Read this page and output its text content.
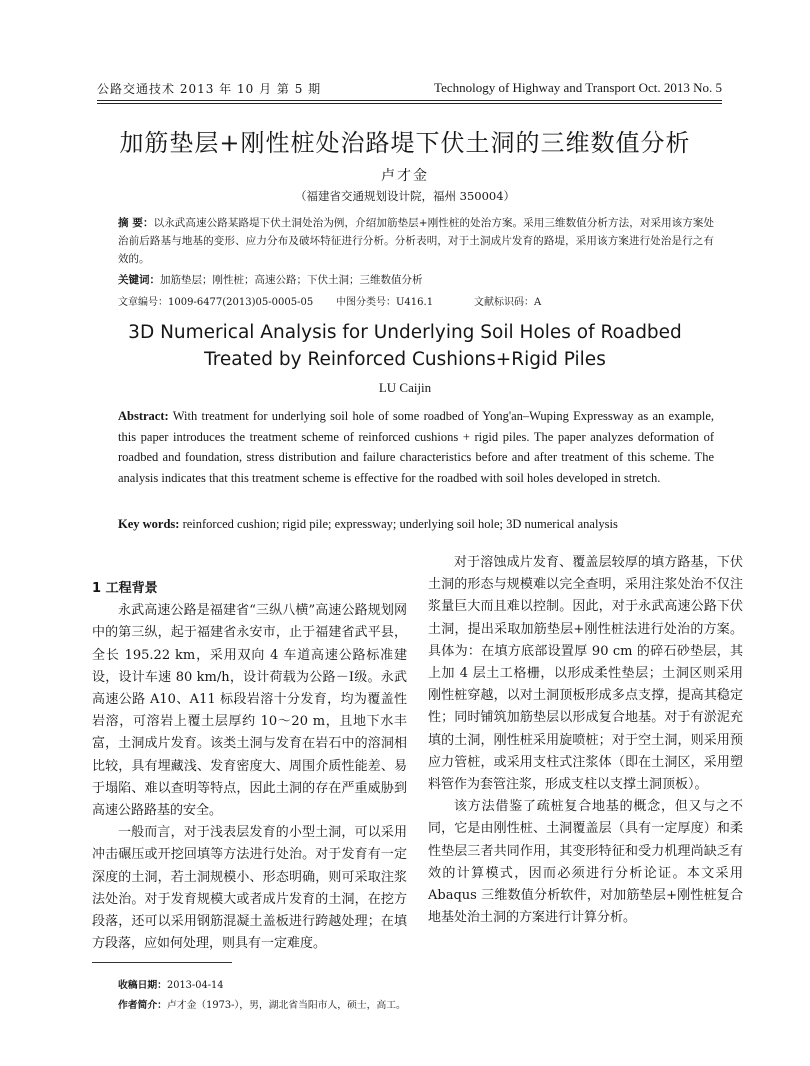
公路交通技术 2013 年 10 月 第 5 期	Technology of Highway and Transport Oct. 2013 No. 5
加筋垫层+刚性桩处治路堤下伏土洞的三维数值分析
卢才金
（福建省交通规划设计院，福州 350004）
摘 要：以永武高速公路某路堤下伏土洞处治为例，介绍加筋垫层+刚性桩的处治方案。采用三维数值分析方法，对采用该方案处治前后路基与地基的变形、应力分布及破坏特征进行分析。分析表明，对于土洞成片发育的路堤，采用该方案进行处治是行之有效的。
关键词：加筋垫层；刚性桩；高速公路；下伏土洞；三维数值分析
文章编号：1009-6477(2013)05-0005-05 中图分类号：U416.1	文献标识码：A
3D Numerical Analysis for Underlying Soil Holes of Roadbed
Treated by Reinforced Cushions+Rigid Piles
LU Caijin
Abstract: With treatment for underlying soil hole of some roadbed of Yong'an–Wuping Expressway as an example, this paper introduces the treatment scheme of reinforced cushions + rigid piles. The paper analyzes deformation of roadbed and foundation, stress distribution and failure characteristics before and after treatment of this scheme. The analysis indicates that this treatment scheme is effective for the roadbed with soil holes developed in stretch.
Key words: reinforced cushion; rigid pile; expressway; underlying soil hole; 3D numerical analysis

1 工程背景

永武高速公路是福建省“三纵八横”高速公路规划网中的第三纵，起于福建省永安市，止于福建省武平县，全长 195.22 km，采用双向 4 车道高速公路标准建设，设计车速 80 km/h，设计荷载为公路－Ⅰ级。永武高速公路 A10、A11 标段岩溶十分发育，均为覆盖性岩溶，可溶岩上覆土层厚约 10～20 m，且地下水丰富，土洞成片发育。该类土洞与发育在岩石中的溶洞相比较，具有埋藏浅、发育密度大、周围介质性能差、易于塌陷、难以查明等特点，因此土洞的存在严重威胁到高速公路路基的安全。

一般而言，对于浅表层发育的小型土洞，可以采用冲击碾压或开挖回填等方法进行处治。对于发育有一定深度的土洞，若土洞规模小、形态明确，则可采取注浆法处治。对于发育规模大或者成片发育的土洞，在挖方段落，还可以采用钢筋混凝土盖板进行跨越处理；在填方段落，应如何处理，则具有一定难度。

对于溶蚀成片发育、覆盖层较厚的填方路基，下伏土洞的形态与规模难以完全查明，采用注浆处治不仅注浆量巨大而且难以控制。因此，对于永武高速公路下伏土洞，提出采取加筋垫层+刚性桩法进行处治的方案。具体为：在填方底部设置厚 90 cm 的碎石砂垫层，其上加 4 层土工格栅，以形成柔性垫层；土洞区则采用刚性桩穿越，以对土洞顶板形成多点支撑，提高其稳定性；同时铺筑加筋垫层以形成复合地基。对于有淤泥充填的土洞，刚性桩采用旋喷桩；对于空土洞，则采用预应力管桩，或采用支柱式注浆体（即在土洞区，采用塑料管作为套管注浆，形成支柱以支撑土洞顶板）。

该方法借鉴了疏桩复合地基的概念，但又与之不同，它是由刚性桩、土洞覆盖层（具有一定厚度）和柔性垫层三者共同作用，其变形特征和受力机理尚缺乏有效的计算模式，因而必须进行分析论证。本文采用 Abaqus 三维数值分析软件，对加筋垫层+刚性桩复合地基处治土洞的方案进行计算分析。

收稿日期：2013-04-14
作者简介：卢才金（1973-），男，湖北省当阳市人，硕士，高工。
